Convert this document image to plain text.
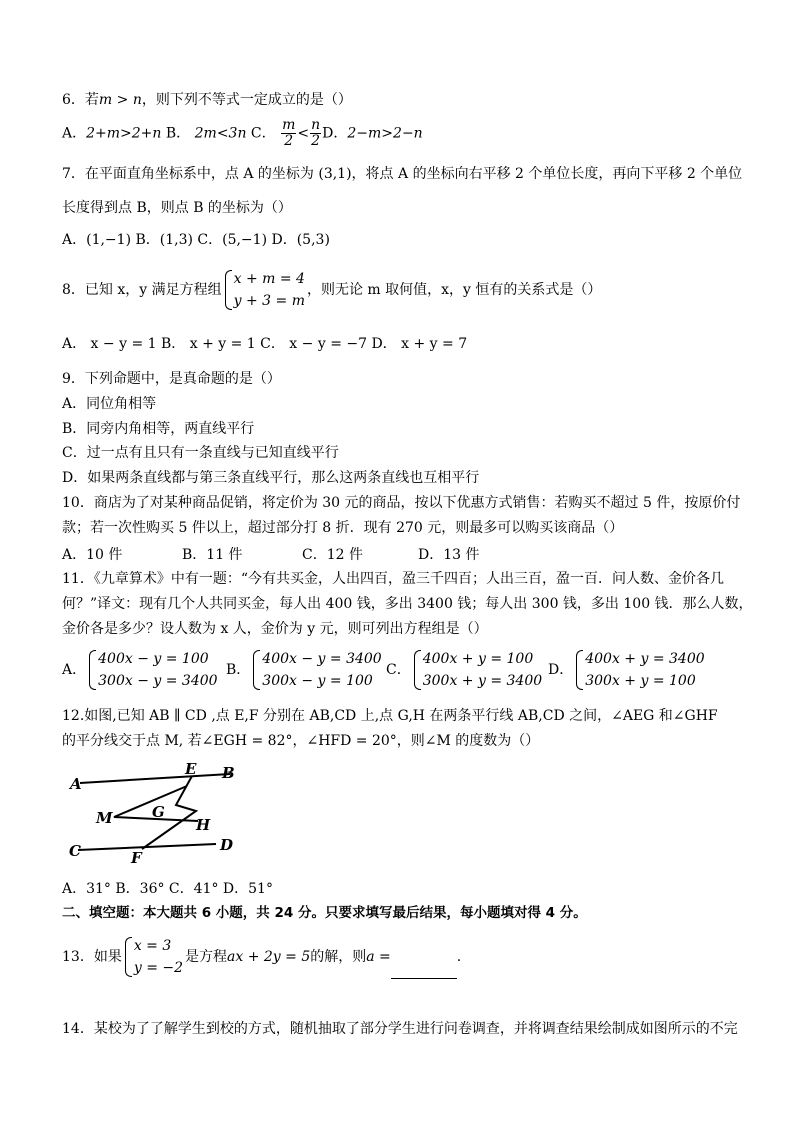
6．若m > n，则下列不等式一定成立的是（）
A．2+m>2+n B． 2m<3n C． $\frac{m}{2} < \frac{n}{2}$ D．2−m>2−n
7．在平面直角坐标系中，点 A 的坐标为 (3,1)，将点 A 的坐标向右平移 2 个单位长度，再向下平移 2 个单位
长度得到点 B，则点 B 的坐标为（）
A．(1,−1) B．(1,3) C．(5,−1) D．(5,3)
8．已知 x，y 满足方程组
x + m = 4
y + 3 = m
，则无论 m 取何值，x，y 恒有的关系式是（）
A． x − y = 1 B． x + y = 1 C． x − y = −7 D． x + y = 7
9．下列命题中，是真命题的是（）
A．同位角相等
B．同旁内角相等，两直线平行
C．过一点有且只有一条直线与已知直线平行
D．如果两条直线都与第三条直线平行，那么这两条直线也互相平行
10．商店为了对某种商品促销，将定价为 30 元的商品，按以下优惠方式销售：若购买不超过 5 件，按原价付
款；若一次性购买 5 件以上，超过部分打 8 折．现有 270 元，则最多可以购买该商品（）
A．10 件	B．11 件	C．12 件	D．13 件
11．《九章算术》中有一题：“今有共买金，人出四百，盈三千四百；人出三百，盈一百．问人数、金价各几
何？”译文：现有几个人共同买金，每人出 400 钱，多出 3400 钱；每人出 300 钱，多出 100 钱．那么人数，
金价各是多少？设人数为 x 人，金价为 y 元，则可列出方程组是（）
A．
400x − y = 100
300x − y = 3400
B．
400x − y = 3400
300x − y = 100
C．
400x + y = 100
300x + y = 3400
D．
400x + y = 3400
300x + y = 100
12.如图,已知 AB ∥ CD ,点 E,F 分别在 AB,CD 上,点 G,H 在两条平行线 AB,CD 之间，∠AEG 和∠GHF
的平分线交于点 M, 若∠EGH = 82°，∠HFD = 20°，则∠M 的度数为（）
A
E B
G
M	H
C	F
D
A．31° B．36° C．41° D．51°
二、填空题：本大题共 6 小题，共 24 分。只要求填写最后结果，每小题填对得 4 分。
13．如果
x = 3
y = −2
是方程ax + 2y = 5的解，则a =	.
14．某校为了了解学生到校的方式，随机抽取了部分学生进行问卷调查，并将调查结果绘制成如图所示的不完
